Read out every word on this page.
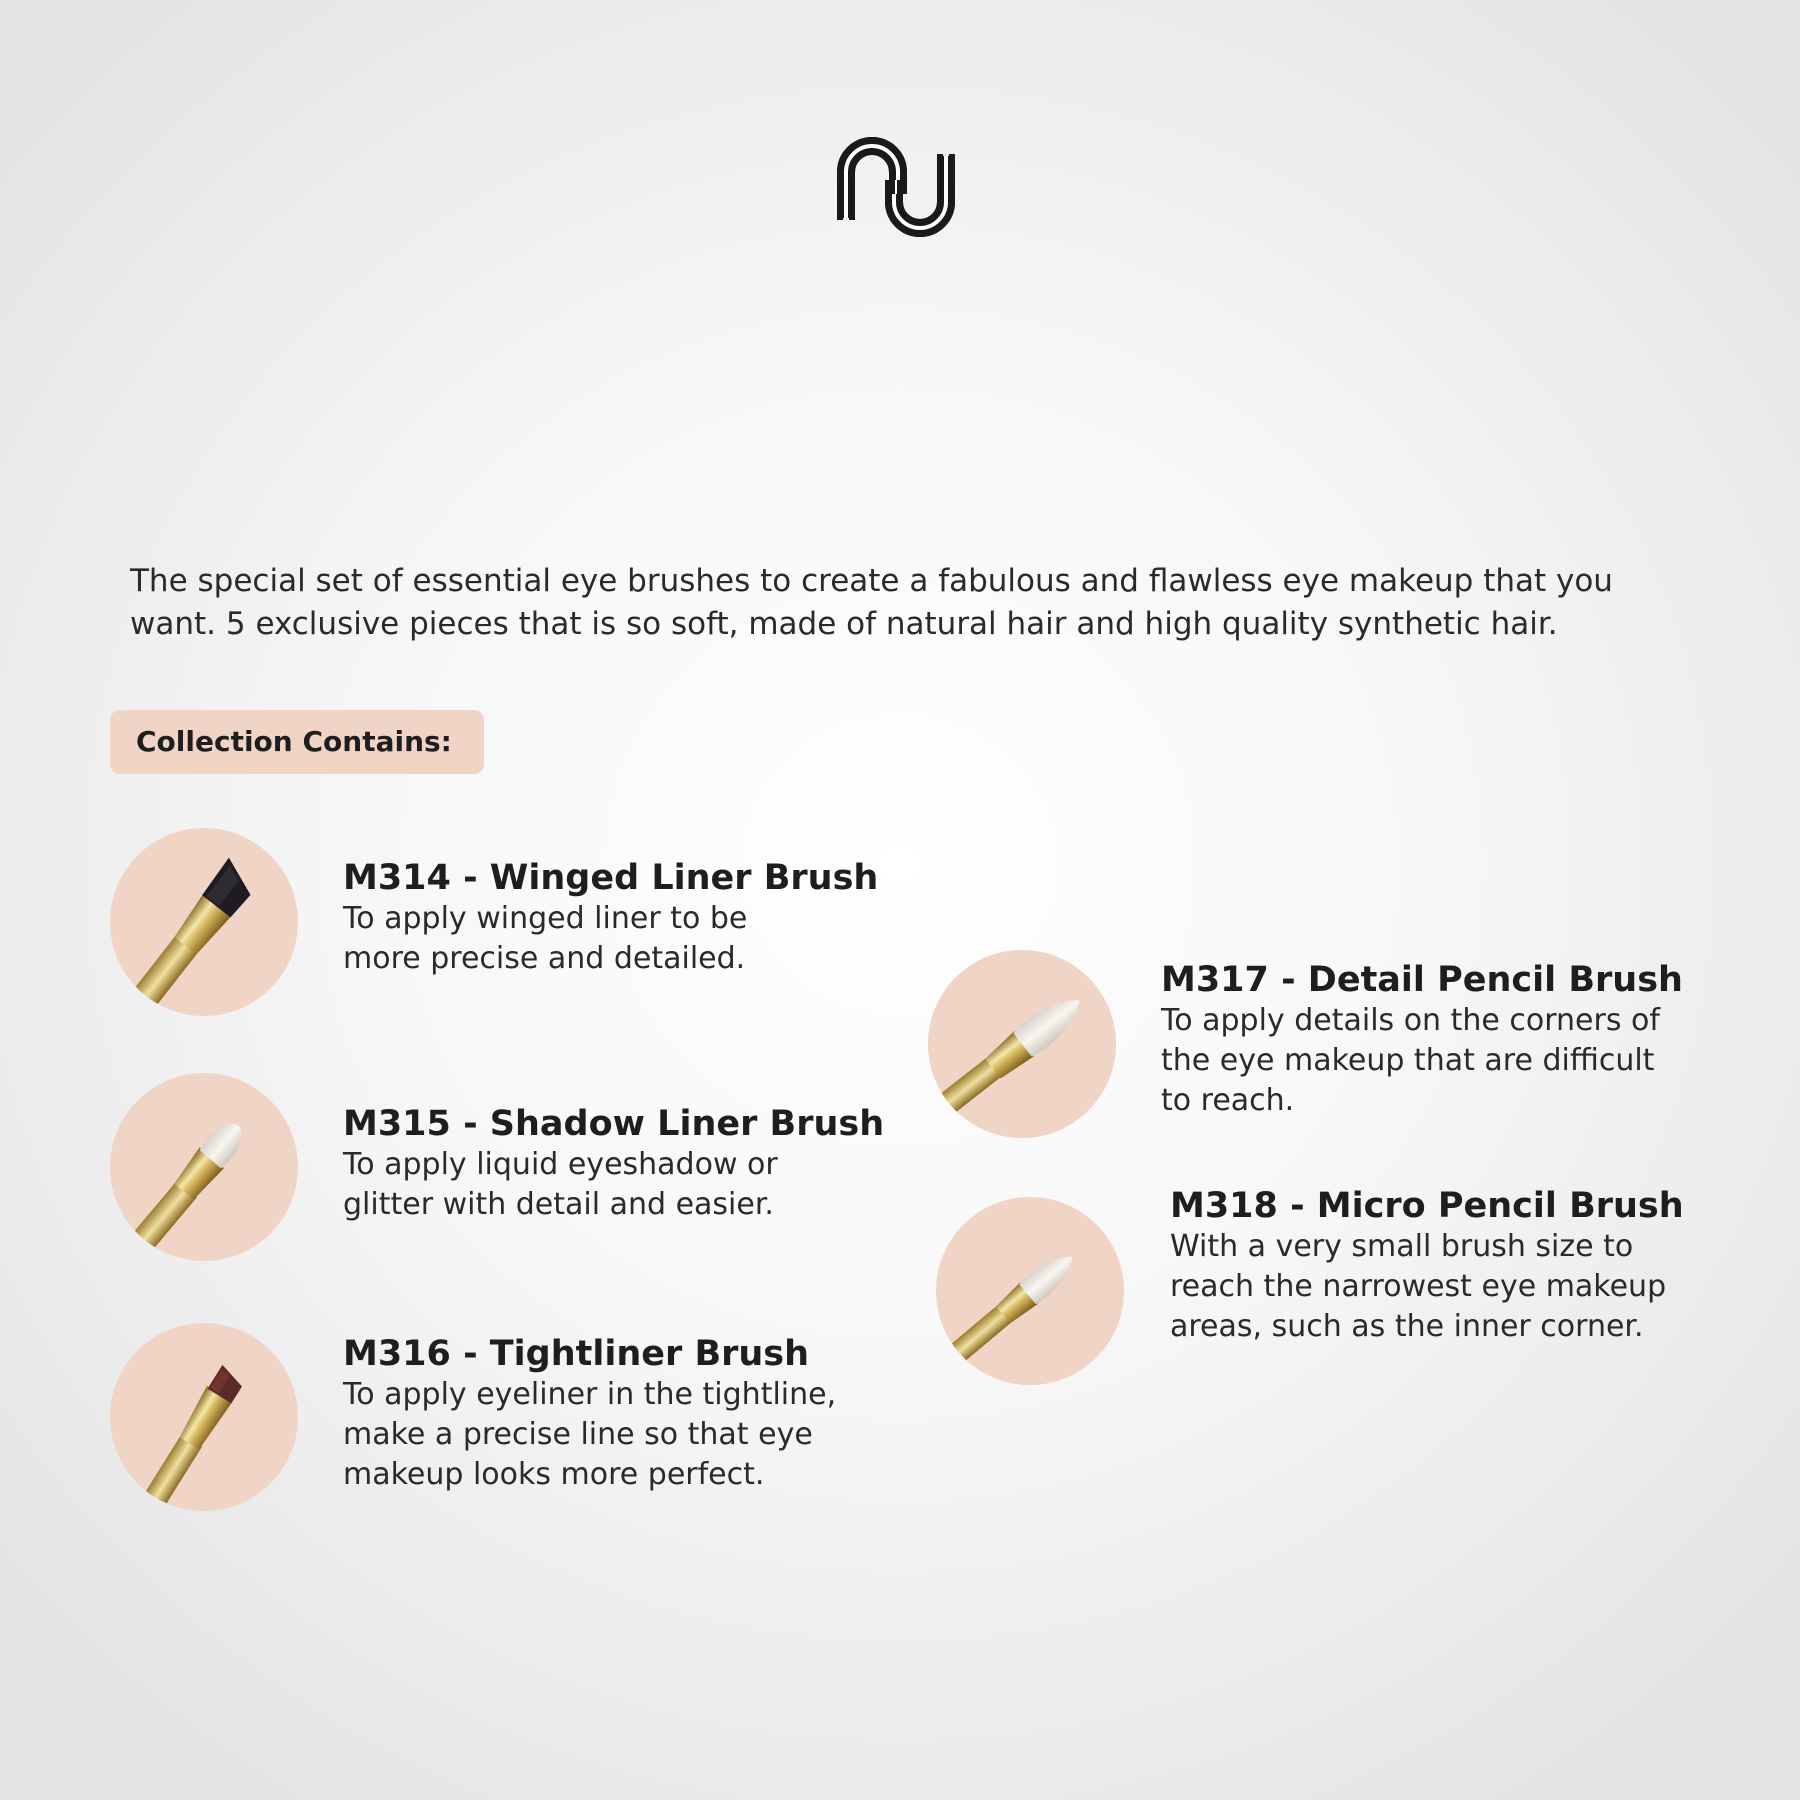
The special set of essential eye brushes to create a fabulous and flawless eye makeup that you want. 5 exclusive pieces that is so soft, made of natural hair and high quality synthetic hair.

Collection Contains:
M314 - Winged Liner Brush

To apply winged liner to be more precise and detailed.

M315 - Shadow Liner Brush

To apply liquid eyeshadow or glitter with detail and easier.

M316 - Tightliner Brush

To apply eyeliner in the tightline, make a precise line so that eye makeup looks more perfect.

M317 - Detail Pencil Brush

To apply details on the corners of the eye makeup that are difficult to reach.

M318 - Micro Pencil Brush

With a very small brush size to reach the narrowest eye makeup areas, such as the inner corner.
